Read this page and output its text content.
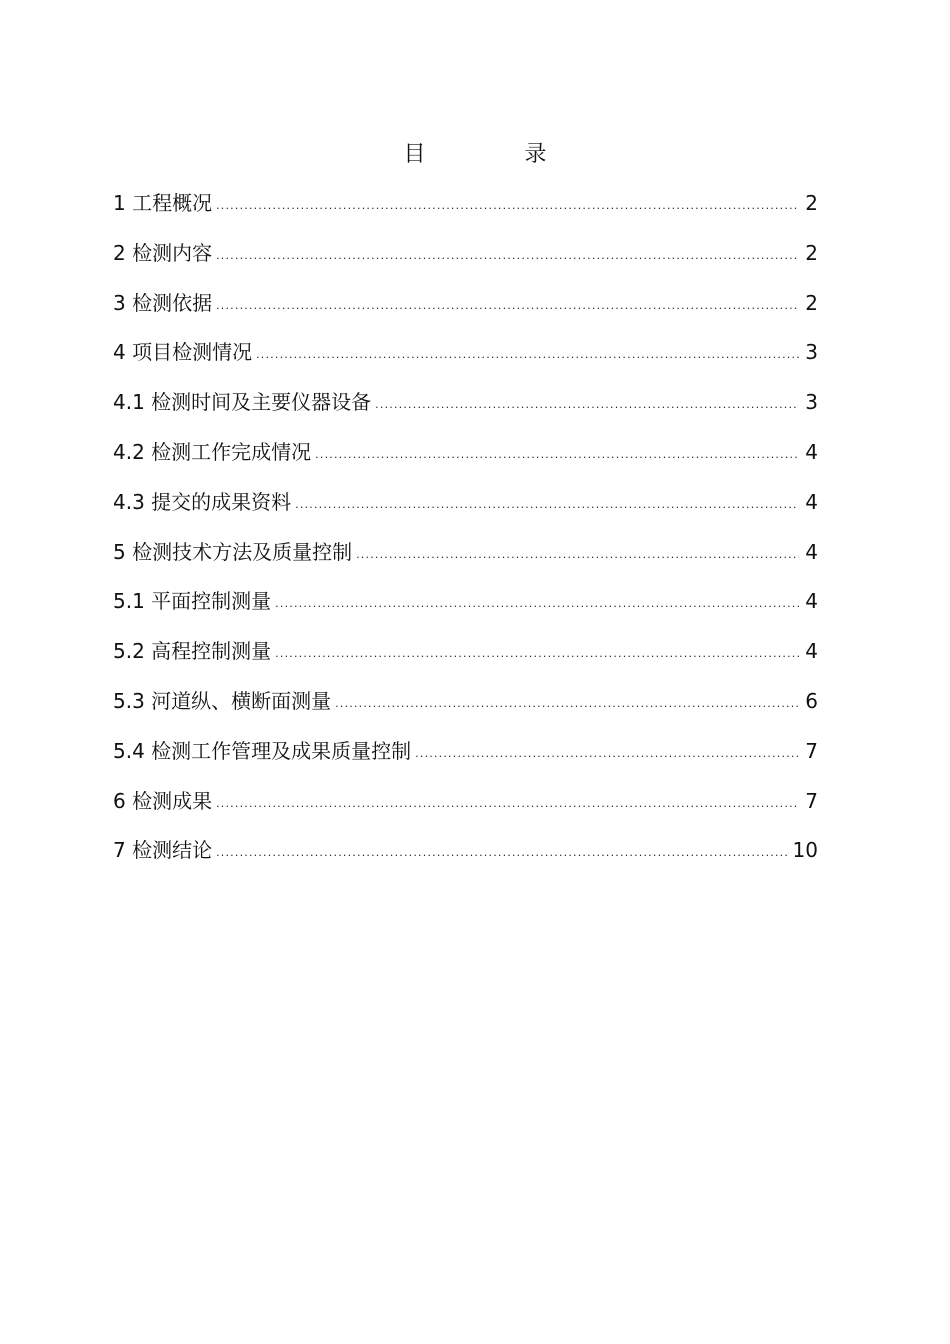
目 录
1 工程概况 .....	2
2 检测内容 .....	2
3 检测依据 .....	2
4 项目检测情况 .....	3
4.1 检测时间及主要仪器设备 .....	3
4.2 检测工作完成情况 .....	4
4.3 提交的成果资料 .....	4
5 检测技术方法及质量控制 .....	4
5.1 平面控制测量 .....	4
5.2 高程控制测量 .....	4
5.3 河道纵、横断面测量 .....	6
5.4 检测工作管理及成果质量控制 .....	7
6 检测成果 .....	7
7 检测结论 .....	10
